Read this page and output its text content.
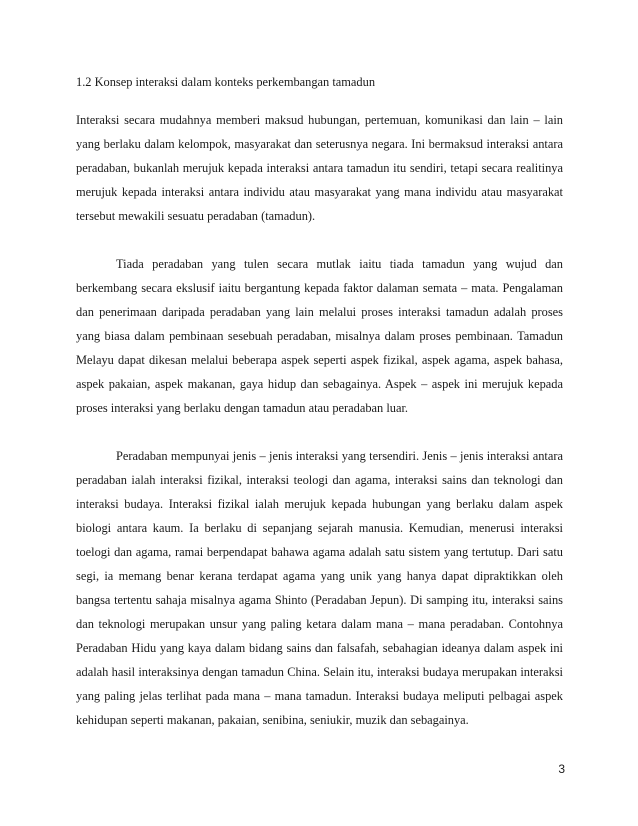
1.2 Konsep interaksi dalam konteks perkembangan tamadun

Interaksi secara mudahnya memberi maksud hubungan, pertemuan, komunikasi dan lain – lain yang berlaku dalam kelompok, masyarakat dan seterusnya negara. Ini bermaksud interaksi antara peradaban, bukanlah merujuk kepada interaksi antara tamadun itu sendiri, tetapi secara realitinya merujuk kepada interaksi antara individu atau masyarakat yang mana individu atau masyarakat tersebut mewakili sesuatu peradaban (tamadun).

Tiada peradaban yang tulen secara mutlak iaitu tiada tamadun yang wujud dan berkembang secara ekslusif iaitu bergantung kepada faktor dalaman semata – mata. Pengalaman dan penerimaan daripada peradaban yang lain melalui proses interaksi tamadun adalah proses yang biasa dalam pembinaan sesebuah peradaban, misalnya dalam proses pembinaan. Tamadun Melayu dapat dikesan melalui beberapa aspek seperti aspek fizikal, aspek agama, aspek bahasa, aspek pakaian, aspek makanan, gaya hidup dan sebagainya. Aspek – aspek ini merujuk kepada proses interaksi yang berlaku dengan tamadun atau peradaban luar.

Peradaban mempunyai jenis – jenis interaksi yang tersendiri. Jenis – jenis interaksi antara peradaban ialah interaksi fizikal, interaksi teologi dan agama, interaksi sains dan teknologi dan interaksi budaya. Interaksi fizikal ialah merujuk kepada hubungan yang berlaku dalam aspek biologi antara kaum. Ia berlaku di sepanjang sejarah manusia. Kemudian, menerusi interaksi toelogi dan agama, ramai berpendapat bahawa agama adalah satu sistem yang tertutup. Dari satu segi, ia memang benar kerana terdapat agama yang unik yang hanya dapat dipraktikkan oleh bangsa tertentu sahaja misalnya agama Shinto (Peradaban Jepun). Di samping itu, interaksi sains dan teknologi merupakan unsur yang paling ketara dalam mana – mana peradaban. Contohnya Peradaban Hidu yang kaya dalam bidang sains dan falsafah, sebahagian ideanya dalam aspek ini adalah hasil interaksinya dengan tamadun China. Selain itu, interaksi budaya merupakan interaksi yang paling jelas terlihat pada mana – mana tamadun. Interaksi budaya meliputi pelbagai aspek kehidupan seperti makanan, pakaian, senibina, seniukir, muzik dan sebagainya.

3
